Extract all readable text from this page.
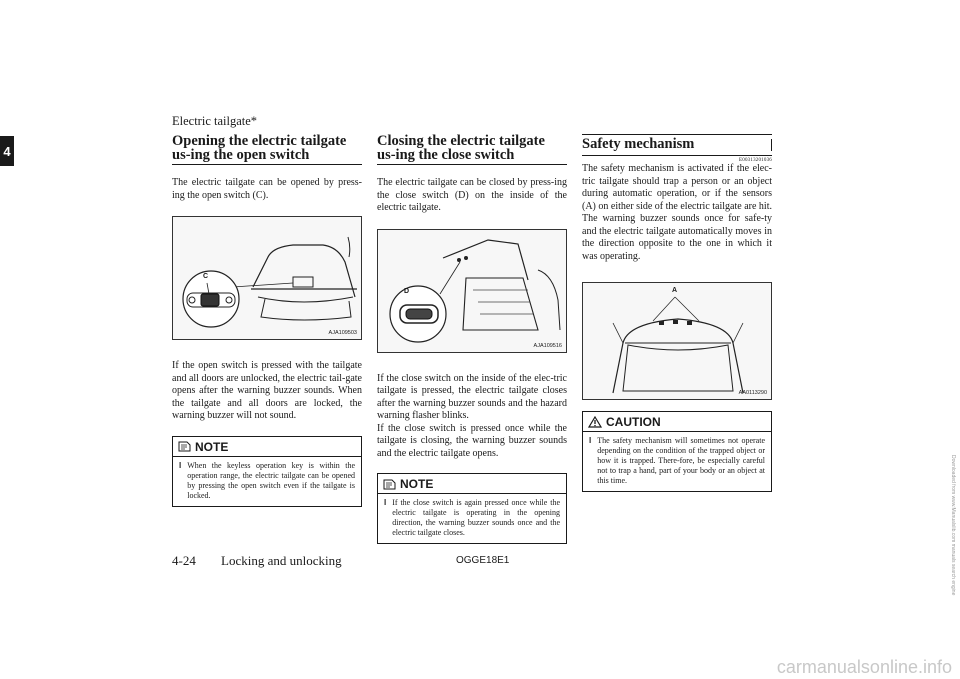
Electric tailgate*
4
Opening the electric tailgate us-ing the open switch

The electric tailgate can be opened by press-ing the open switch (C).

C
AJA109503

If the open switch is pressed with the tailgate and all doors are unlocked, the electric tail-gate opens after the warning buzzer sounds. When the tailgate and all doors are locked, the warning buzzer will not sound.

NOTE
l When the keyless operation key is within the operation range, the electric tailgate can be opened by pressing the open switch even if the tailgate is locked.
Closing the electric tailgate us-ing the close switch

The electric tailgate can be closed by press-ing the close switch (D) on the inside of the electric tailgate.

D
AJA109516

If the close switch on the inside of the elec-tric tailgate is pressed, the electric tailgate closes after the warning buzzer sounds and the hazard warning flasher blinks.

If the close switch is pressed once while the tailgate is closing, the warning buzzer sounds and the electric tailgate opens.

NOTE
l If the close switch is again pressed once while the electric tailgate is operating in the opening direction, the warning buzzer sounds once and the electric tailgate closes.
Safety mechanism
E00313201036

The safety mechanism is activated if the elec-tric tailgate should trap a person or an object during automatic operation, or if the sensors (A) on either side of the electric tailgate are hit. The warning buzzer sounds once for safe-ty and the electric tailgate automatically moves in the direction opposite to the one in which it was operating.

A
AA0113290
CAUTION
l The safety mechanism will sometimes not operate depending on the condition of the trapped object or how it is trapped. There-fore, be especially careful not to trap a hand, part of your body or an object at this time.
4-24 Locking and unlocking	OGGE18E1
carmanualsonline.info
Downloaded from www.Manualslib.com manuals search engine
